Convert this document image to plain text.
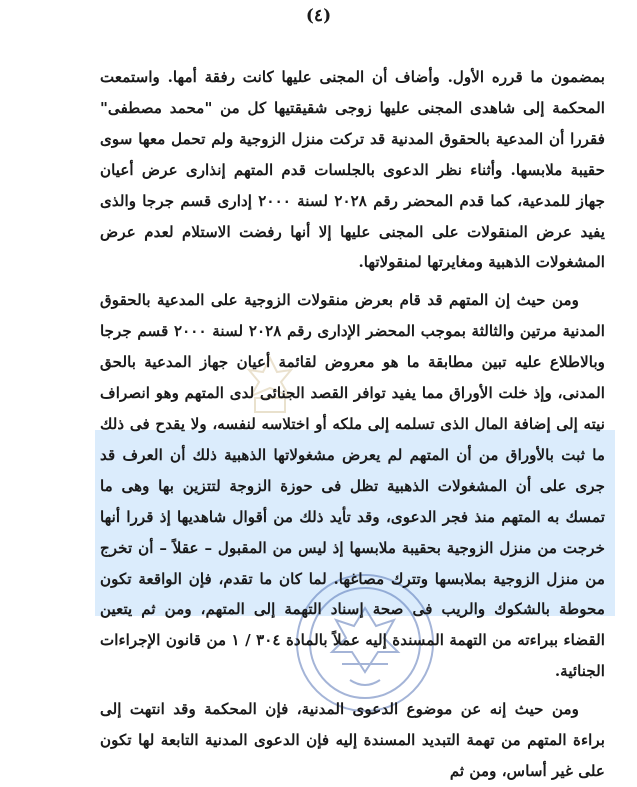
(٤)

بمضمون ما قرره الأول. وأضاف أن المجنى عليها كانت رفقة أمها. واستمعت المحكمة إلى شاهدى المجنى عليها زوجى شقيقتيها كل من "محمد مصطفى" فقررا أن المدعية بالحقوق المدنية قد تركت منزل الزوجية ولم تحمل معها سوى حقيبة ملابسها. وأثناء نظر الدعوى بالجلسات قدم المتهم إنذارى عرض أعيان جهاز للمدعية، كما قدم المحضر رقم ٢٠٢٨ لسنة ٢٠٠٠ إدارى قسم جرجا والذى يفيد عرض المنقولات على المجنى عليها إلا أنها رفضت الاستلام لعدم عرض المشغولات الذهبية ومغايرتها لمنقولاتها.

ومن حيث إن المتهم قد قام بعرض منقولات الزوجية على المدعية بالحقوق المدنية مرتين والثالثة بموجب المحضر الإدارى رقم ٢٠٢٨ لسنة ٢٠٠٠ قسم جرجا وبالاطلاع عليه تبين مطابقة ما هو معروض لقائمة أعيان جهاز المدعية بالحق المدنى، وإذ خلت الأوراق مما يفيد توافر القصد الجنائى لدى المتهم وهو انصراف نيته إلى إضافة المال الذى تسلمه إلى ملكه أو اختلاسه لنفسه، ولا يقدح فى ذلك ما ثبت بالأوراق من أن المتهم لم يعرض مشغولاتها الذهبية ذلك أن العرف قد جرى على أن المشغولات الذهبية تظل فى حوزة الزوجة لتتزين بها وهى ما تمسك به المتهم منذ فجر الدعوى، وقد تأيد ذلك من أقوال شاهديها إذ قررا أنها خرجت من منزل الزوجية بحقيبة ملابسها إذ ليس من المقبول – عقلاً – أن تخرج من منزل الزوجية بملابسها وتترك مصاغها. لما كان ما تقدم، فإن الواقعة تكون محوطة بالشكوك والريب فى صحة إسناد التهمة إلى المتهم، ومن ثم يتعين القضاء ببراءته من التهمة المسندة إليه عملاً بالمادة ٣٠٤ / ١ من قانون الإجراءات الجنائية.

ومن حيث إنه عن موضوع الدعوى المدنية، فإن المحكمة وقد انتهت إلى براءة المتهم من تهمة التبديد المسندة إليه فإن الدعوى المدنية التابعة لها تكون على غير أساس، ومن ثم
